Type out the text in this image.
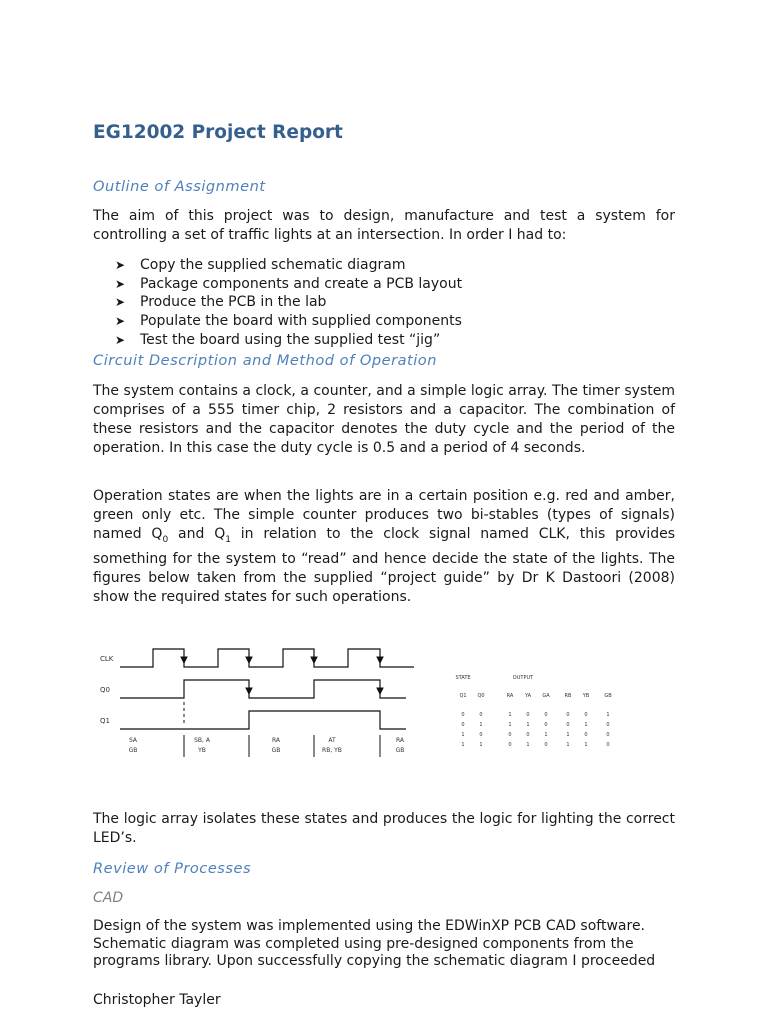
EG12002 Project Report
Outline of Assignment
The aim of this project was to design, manufacture and test a system for controlling a set of traffic lights at an intersection. In order I had to:
➤ Copy the supplied schematic diagram
➤ Package components and create a PCB layout
➤ Produce the PCB in the lab
➤ Populate the board with supplied components
➤ Test the board using the supplied test “jig”
Circuit Description and Method of Operation
The system contains a clock, a counter, and a simple logic array. The timer system comprises of a 555 timer chip, 2 resistors and a capacitor. The combination of these resistors and the capacitor denotes the duty cycle and the period of the operation. In this case the duty cycle is 0.5 and a period of 4 seconds.
Operation states are when the lights are in a certain position e.g. red and amber, green only etc. The simple counter produces two bi-stables (types of signals) named $Q_0$ and $Q_1$ in relation to the clock signal named CLK, this provides something for the system to “read” and hence decide the state of the lights. The figures below taken from the supplied “project guide” by Dr K Dastoori (2008) show the required states for such operations.
The logic array isolates these states and produces the logic for lighting the correct LED’s.
Review of Processes
CAD
Design of the system was implemented using the EDWinXP PCB CAD software. Schematic diagram was completed using pre-designed components from the programs library. Upon successfully copying the schematic diagram I proceeded
CLK
Q0
Q1
SA
GB
SB, A
YB
RA
GB
AT
RB, YB
RA
GB
STATE	OUTPUT
Q1 Q0	RA YA GA	RB YB	GB
0	0	1	0	0	0	0	1
0	1	1	1	0	0	1	0
1	0	0	0	1	1	0	0
1	1	0	1	0	1	1	0
Christopher Tayler
